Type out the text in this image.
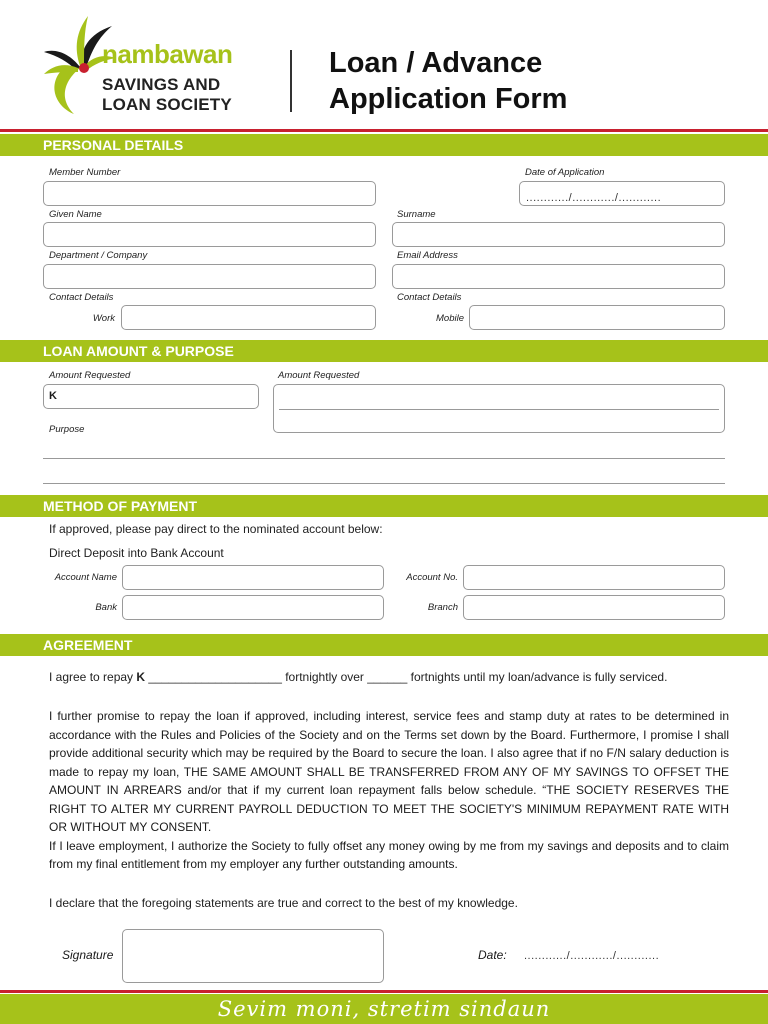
nambawan
SAVINGS AND
LOAN SOCIETY
Loan / Advance
Application Form
PERSONAL DETAILS
Member Number	Date of Application
............/............/............
Given Name	Surname
Department / Company	Email Address
Contact Details	Contact Details
Work	Mobile
LOAN AMOUNT & PURPOSE
Amount Requested	Amount Requested
K
Purpose
METHOD OF PAYMENT
If approved, please pay direct to the nominated account below:
Direct Deposit into Bank Account
Account Name	Account No.
Bank	Branch
AGREEMENT
I agree to repay K ____________________ fortnightly over ______ fortnights until my loan/advance is fully serviced.

I further promise to repay the loan if approved, including interest, service fees and stamp duty at rates to be determined in accordance with the Rules and Policies of the Society and on the Terms set down by the Board. Furthermore, I promise I shall provide additional security which may be required by the Board to secure the loan. I also agree that if no F/N salary deduction is made to repay my loan, THE SAME AMOUNT SHALL BE TRANSFERRED FROM ANY OF MY SAVINGS TO OFFSET THE AMOUNT IN ARREARS and/or that if my current loan repayment falls below schedule. “THE SOCIETY RESERVES THE RIGHT TO ALTER MY CURRENT PAYROLL DEDUCTION TO MEET THE SOCIETY'S MINIMUM REPAYMENT RATE WITH OR WITHOUT MY CONSENT.

If I leave employment, I authorize the Society to fully offset any money owing by me from my savings and deposits and to claim from my final entitlement from my employer any further outstanding amounts.

I declare that the foregoing statements are true and correct to the best of my knowledge.
Signature	Date: ............/............/............
Sevim moni, stretim sindaun
